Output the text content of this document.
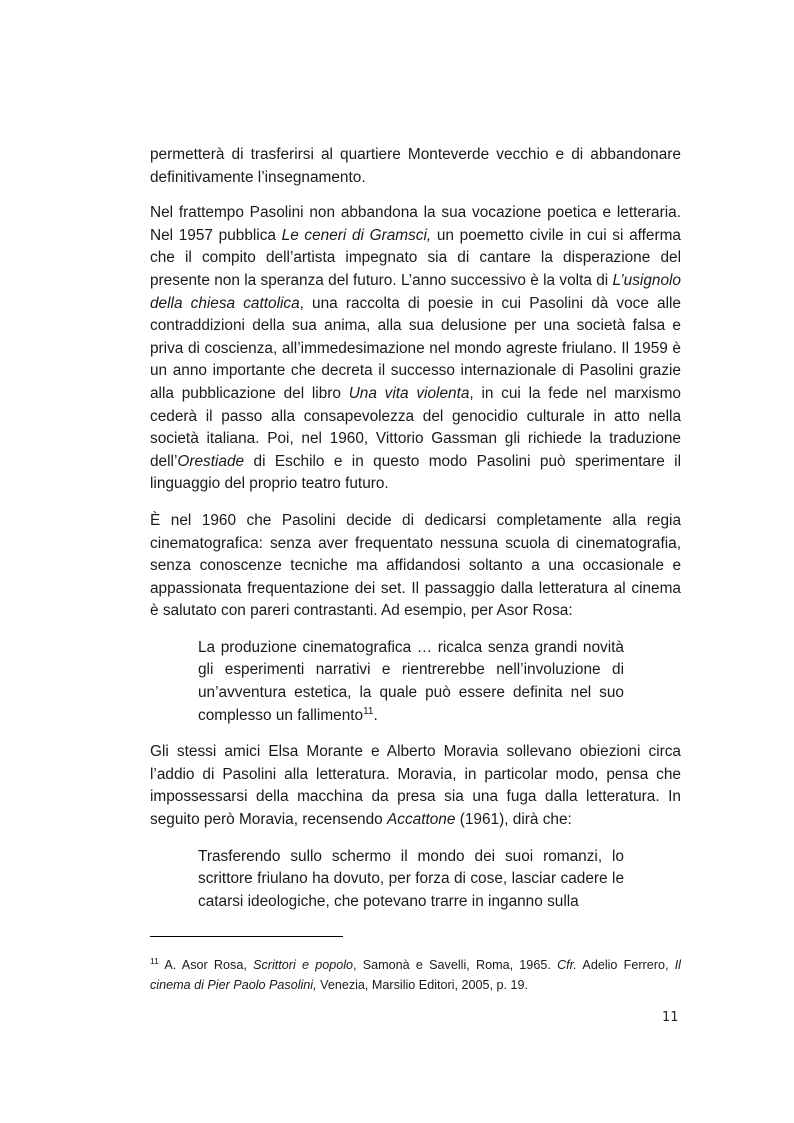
permetterà di trasferirsi al quartiere Monteverde vecchio e di abbandonare definitivamente l’insegnamento.

Nel frattempo Pasolini non abbandona la sua vocazione poetica e letteraria. Nel 1957 pubblica Le ceneri di Gramsci, un poemetto civile in cui si afferma che il compito dell’artista impegnato sia di cantare la disperazione del presente non la speranza del futuro. L’anno successivo è la volta di L’usignolo della chiesa cattolica, una raccolta di poesie in cui Pasolini dà voce alle contraddizioni della sua anima, alla sua delusione per una società falsa e priva di coscienza, all’immedesimazione nel mondo agreste friulano. Il 1959 è un anno importante che decreta il successo internazionale di Pasolini grazie alla pubblicazione del libro Una vita violenta, in cui la fede nel marxismo cederà il passo alla consapevolezza del genocidio culturale in atto nella società italiana. Poi, nel 1960, Vittorio Gassman gli richiede la traduzione dell’Orestiade di Eschilo e in questo modo Pasolini può sperimentare il linguaggio del proprio teatro futuro.

È nel 1960 che Pasolini decide di dedicarsi completamente alla regia cinematografica: senza aver frequentato nessuna scuola di cinematografia, senza conoscenze tecniche ma affidandosi soltanto a una occasionale e appassionata frequentazione dei set. Il passaggio dalla letteratura al cinema è salutato con pareri contrastanti. Ad esempio, per Asor Rosa:

La produzione cinematografica … ricalca senza grandi novità gli esperimenti narrativi e rientrerebbe nell’involuzione di un’avventura estetica, la quale può essere definita nel suo complesso un fallimento$^{11}$.

Gli stessi amici Elsa Morante e Alberto Moravia sollevano obiezioni circa l’addio di Pasolini alla letteratura. Moravia, in particolar modo, pensa che impossessarsi della macchina da presa sia una fuga dalla letteratura. In seguito però Moravia, recensendo Accattone (1961), dirà che:

Trasferendo sullo schermo il mondo dei suoi romanzi, lo scrittore friulano ha dovuto, per forza di cose, lasciar cadere le catarsi ideologiche, che potevano trarre in inganno sulla

$^{11}$ A. Asor Rosa, Scrittori e popolo, Samonà e Savelli, Roma, 1965. Cfr. Adelio Ferrero, Il cinema di Pier Paolo Pasolini, Venezia, Marsilio Editori, 2005, p. 19.
11
